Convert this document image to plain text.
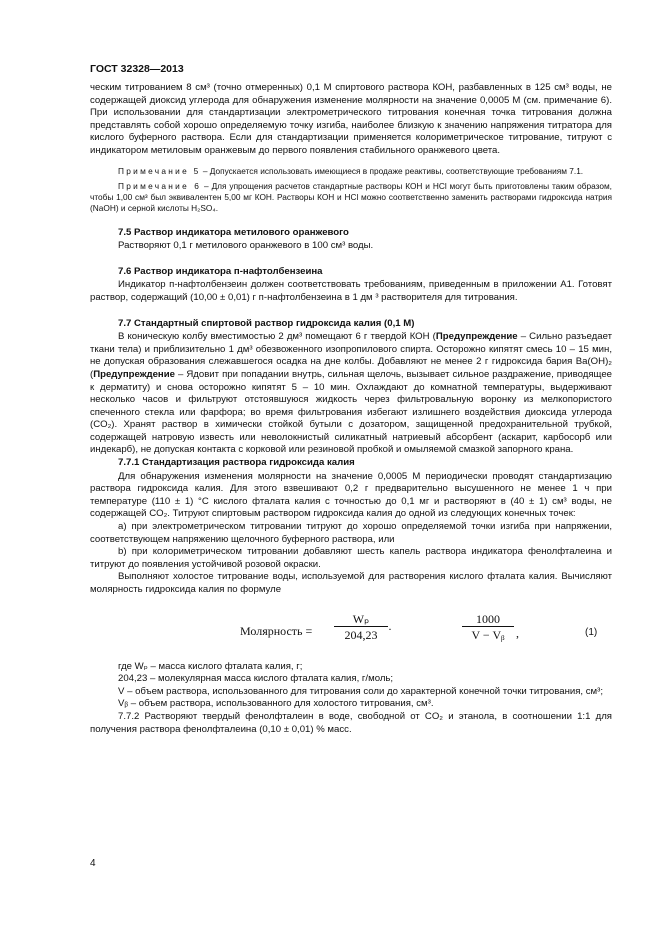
ГОСТ 32328—2013

ческим титрованием 8 см³ (точно отмеренных) 0,1 М спиртового раствора КОН, разбавленных в 125 см³ воды, не содержащей диоксид углерода для обнаружения изменение молярности на значение 0,0005 М (см. примечание 6). При использовании для стандартизации электрометрического титрования конечная точка титрования должна представлять собой хорошо определяемую точку изгиба, наиболее близкую к значению напряжения титратора для кислого буферного раствора. Если для стандартизации применяется колориметрическое титрование, титруют с индикатором метиловым оранжевым до первого появления стабильного оранжевого цвета.

Примечание 5 – Допускается использовать имеющиеся в продаже реактивы, соответствующие требованиям 7.1.

Примечание 6 – Для упрощения расчетов стандартные растворы КОН и HCl могут быть приготовлены таким образом, чтобы 1,00 см³ был эквивалентен 5,00 мг КОН. Растворы КОН и HCl можно соответственно заменить растворами гидроксида натрия (NaOH) и серной кислоты H₂SO₄.

7.5 Раствор индикатора метилового оранжевого

Растворяют 0,1 г метилового оранжевого в 100 см³ воды.

7.6 Раствор индикатора п-нафтолбензеина

Индикатор п-нафтолбензеин должен соответствовать требованиям, приведенным в приложении А1. Готовят раствор, содержащий (10,00 ± 0,01) г п-нафтолбензеина в 1 дм ³ растворителя для титрования.

7.7 Стандартный спиртовой раствор гидроксида калия (0,1 М)

В коническую колбу вместимостью 2 дм³ помещают 6 г твердой КОН (Предупреждение – Сильно разъедает ткани тела) и приблизительно 1 дм³ обезвоженного изопропилового спирта. Осторожно кипятят смесь 10 – 15 мин, не допуская образования слежавшегося осадка на дне колбы. Добавляют не менее 2 г гидроксида бария Ba(OH)₂ (Предупреждение – Ядовит при попадании внутрь, сильная щелочь, вызывает сильное раздражение, приводящее к дерматиту) и снова осторожно кипятят 5 – 10 мин. Охлаждают до комнатной температуры, выдерживают несколько часов и фильтруют отстоявшуюся жидкость через фильтровальную воронку из мелкопористого спеченного стекла или фарфора; во время фильтрования избегают излишнего воздействия диоксида углерода (CO₂). Хранят раствор в химически стойкой бутыли с дозатором, защищенной предохранительной трубкой, содержащей натровую известь или неволокнистый силикатный натриевый абсорбент (аскарит, карбосорб или индекарб), не допуская контакта с корковой или резиновой пробкой и омыляемой смазкой запорного крана.

7.7.1 Стандартизация раствора гидроксида калия

Для обнаружения изменения молярности на значение 0,0005 М периодически проводят стандартизацию раствора гидроксида калия. Для этого взвешивают 0,2 г предварительно высушенного не менее 1 ч при температуре (110 ± 1) °C кислого фталата калия с точностью до 0,1 мг и растворяют в (40 ± 1) см³ воды, не содержащей CO₂. Титруют спиртовым раствором гидроксида калия до одной из следующих конечных точек:

a) при электрометрическом титровании титруют до хорошо определяемой точки изгиба при напряжении, соответствующем напряжению щелочного буферного раствора, или

b) при колориметрическом титровании добавляют шесть капель раствора индикатора фенолфталеина и титруют до появления устойчивой розовой окраски.

Выполняют холостое титрование воды, используемой для растворения кислого фталата калия. Вычисляют молярность гидроксида калия по формуле

Молярность = $\frac{\text{Wₚ}}{204,23}$ ·	$\frac{1000}{\text{V − Vᵦ}}$ ,	(1)

где Wₚ – масса кислого фталата калия, г;

204,23 – молекулярная масса кислого фталата калия, г/моль;

V – объем раствора, использованного для титрования соли до характерной конечной точки титрования, см³;

Vᵦ – объем раствора, использованного для холостого титрования, см³.

7.7.2 Растворяют твердый фенолфталеин в воде, свободной от CO₂ и этанола, в соотношении 1:1 для получения раствора фенолфталеина (0,10 ± 0,01) % масс.

4
